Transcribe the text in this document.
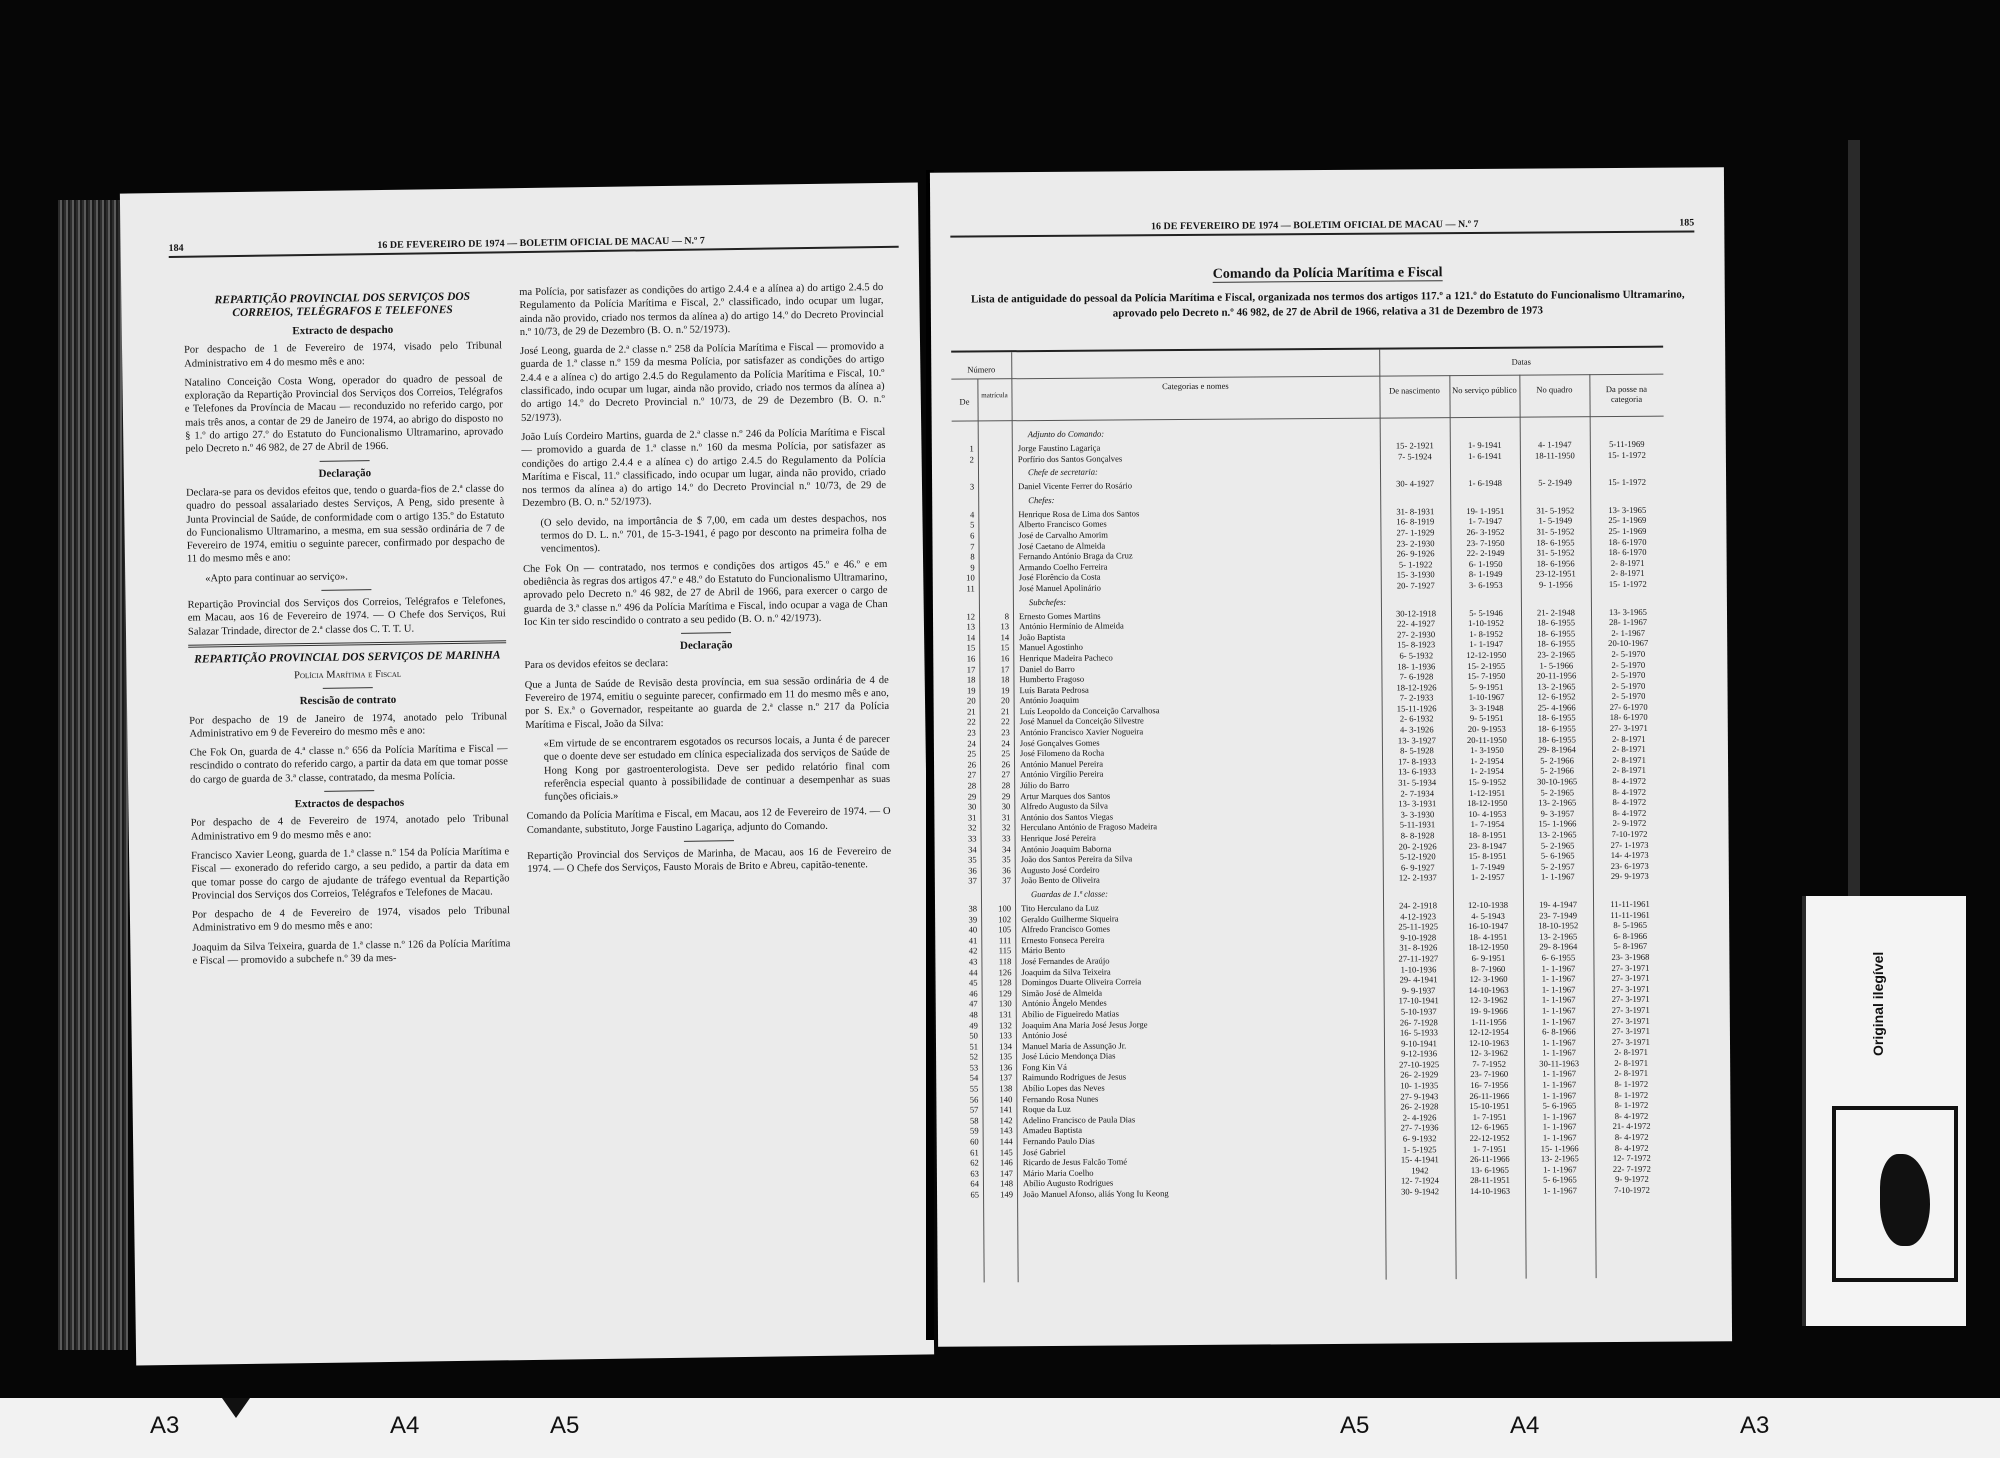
184	16 DE FEVEREIRO DE 1974 — BOLETIM OFICIAL DE MACAU — N.º 7
REPARTIÇÃO PROVINCIAL DOS SERVIÇOS DOS CORREIOS, TELÉGRAFOS E TELEFONES
Extracto de despacho

Por despacho de 1 de Fevereiro de 1974, visado pelo Tribunal Administrativo em 4 do mesmo mês e ano:

Natalino Conceição Costa Wong, operador do quadro de pessoal de exploração da Repartição Provincial dos Serviços dos Correios, Telégrafos e Telefones da Província de Macau — reconduzido no referido cargo, por mais três anos, a contar de 29 de Janeiro de 1974, ao abrigo do disposto no § 1.º do artigo 27.º do Estatuto do Funcionalismo Ultramarino, aprovado pelo Decreto n.º 46 982, de 27 de Abril de 1966.

Declaração

Declara-se para os devidos efeitos que, tendo o guarda-fios de 2.ª classe do quadro do pessoal assalariado destes Serviços, A Peng, sido presente à Junta Provincial de Saúde, de conformidade com o artigo 135.º do Estatuto do Funcionalismo Ultramarino, a mesma, em sua sessão ordinária de 7 de Fevereiro de 1974, emitiu o seguinte parecer, confirmado por despacho de 11 do mesmo mês e ano:

«Apto para continuar ao serviço».

Repartição Provincial dos Serviços dos Correios, Telégrafos e Telefones, em Macau, aos 16 de Fevereiro de 1974. — O Chefe dos Serviços, Rui Salazar Trindade, director de 2.ª classe dos C. T. T. U.

REPARTIÇÃO PROVINCIAL DOS SERVIÇOS DE MARINHA
Polícia Marítima e Fiscal
Rescisão de contrato

Por despacho de 19 de Janeiro de 1974, anotado pelo Tribunal Administrativo em 9 de Fevereiro do mesmo mês e ano:

Che Fok On, guarda de 4.ª classe n.º 656 da Polícia Marítima e Fiscal — rescindido o contrato do referido cargo, a partir da data em que tomar posse do cargo de guarda de 3.ª classe, contratado, da mesma Polícia.

Extractos de despachos

Por despacho de 4 de Fevereiro de 1974, anotado pelo Tribunal Administrativo em 9 do mesmo mês e ano:

Francisco Xavier Leong, guarda de 1.ª classe n.º 154 da Polícia Marítima e Fiscal — exonerado do referido cargo, a seu pedido, a partir da data em que tomar posse do cargo de ajudante de tráfego eventual da Repartição Provincial dos Serviços dos Correios, Telégrafos e Telefones de Macau.

Por despacho de 4 de Fevereiro de 1974, visados pelo Tribunal Administrativo em 9 do mesmo mês e ano:

Joaquim da Silva Teixeira, guarda de 1.ª classe n.º 126 da Polícia Marítima e Fiscal — promovido a subchefe n.º 39 da mes-

ma Polícia, por satisfazer as condições do artigo 2.4.4 e a alínea a) do artigo 2.4.5 do Regulamento da Polícia Marítima e Fiscal, 2.º classificado, indo ocupar um lugar, ainda não provido, criado nos termos da alínea a) do artigo 14.º do Decreto Provincial n.º 10/73, de 29 de Dezembro (B. O. n.º 52/1973).

José Leong, guarda de 2.ª classe n.º 258 da Polícia Marítima e Fiscal — promovido a guarda de 1.ª classe n.º 159 da mesma Polícia, por satisfazer as condições do artigo 2.4.4 e a alínea c) do artigo 2.4.5 do Regulamento da Polícia Marítima e Fiscal, 10.º classificado, indo ocupar um lugar, ainda não provido, criado nos termos da alínea a) do artigo 14.º do Decreto Provincial n.º 10/73, de 29 de Dezembro (B. O. n.º 52/1973).

João Luís Cordeiro Martins, guarda de 2.ª classe n.º 246 da Polícia Marítima e Fiscal — promovido a guarda de 1.ª classe n.º 160 da mesma Polícia, por satisfazer as condições do artigo 2.4.4 e a alínea c) do artigo 2.4.5 do Regulamento da Polícia Marítima e Fiscal, 11.º classificado, indo ocupar um lugar, ainda não provido, criado nos termos da alínea a) do artigo 14.º do Decreto Provincial n.º 10/73, de 29 de Dezembro (B. O. n.º 52/1973).

(O selo devido, na importância de $ 7,00, em cada um destes despachos, nos termos do D. L. n.º 701, de 15-3-1941, é pago por desconto na primeira folha de vencimentos).

Che Fok On — contratado, nos termos e condições dos artigos 45.º e 46.º e em obediência às regras dos artigos 47.º e 48.º do Estatuto do Funcionalismo Ultramarino, aprovado pelo Decreto n.º 46 982, de 27 de Abril de 1966, para exercer o cargo de guarda de 3.ª classe n.º 496 da Polícia Marítima e Fiscal, indo ocupar a vaga de Chan Ioc Kin ter sido rescindido o contrato a seu pedido (B. O. n.º 42/1973).

Declaração

Para os devidos efeitos se declara:

Que a Junta de Saúde de Revisão desta província, em sua sessão ordinária de 4 de Fevereiro de 1974, emitiu o seguinte parecer, confirmado em 11 do mesmo mês e ano, por S. Ex.ª o Governador, respeitante ao guarda de 2.ª classe n.º 217 da Polícia Marítima e Fiscal, João da Silva:

«Em virtude de se encontrarem esgotados os recursos locais, a Junta é de parecer que o doente deve ser estudado em clínica especializada dos serviços de Saúde de Hong Kong por gastroenterologista. Deve ser pedido relatório final com referência especial quanto à possibilidade de continuar a desempenhar as suas funções oficiais.»

Comando da Polícia Marítima e Fiscal, em Macau, aos 12 de Fevereiro de 1974. — O Comandante, substituto, Jorge Faustino Lagariça, adjunto do Comando.

Repartição Provincial dos Serviços de Marinha, de Macau, aos 16 de Fevereiro de 1974. — O Chefe dos Serviços, Fausto Morais de Brito e Abreu, capitão-tenente.

16 DE FEVEREIRO DE 1974 — BOLETIM OFICIAL DE MACAU — N.º 7	185
Comando da Polícia Marítima e Fiscal
Lista de antiguidade do pessoal da Polícia Marítima e Fiscal, organizada nos termos dos artigos 117.º a 121.º do Estatuto do Funcionalismo Ultramarino, aprovado pelo Decreto n.º 46 982, de 27 de Abril de 1966, relativa a 31 de Dezembro de 1973
Número
De
matrícula
Categorias e nomes
Datas
De nascimento	No serviço público	No quadro	Da posse na categoria
Adjunto do Comando:
1	Jorge Faustino Lagariça	15- 2-1921	1- 9-1941	4- 1-1947	5-11-1969
2	Porfírio dos Santos Gonçalves	7- 5-1924	1- 6-1941	18-11-1950	15- 1-1972
Chefe de secretaria:
3	Daniel Vicente Ferrer do Rosário	30- 4-1927	1- 6-1948	5- 2-1949	15- 1-1972
Chefes:
4	Henrique Rosa de Lima dos Santos	31- 8-1931	19- 1-1951	31- 5-1952	13- 3-1965
5	Alberto Francisco Gomes	16- 8-1919	1- 7-1947	1- 5-1949	25- 1-1969
6	José de Carvalho Amorim	27- 1-1929	26- 3-1952	31- 5-1952	25- 1-1969
7	José Caetano de Almeida	23- 2-1930	23- 7-1950	18- 6-1955	18- 6-1970
8	Fernando António Braga da Cruz	26- 9-1926	22- 2-1949	31- 5-1952	18- 6-1970
9	Armando Coelho Ferreira	5- 1-1922	6- 1-1950	18- 6-1956	2- 8-1971
10	José Florêncio da Costa	15- 3-1930	8- 1-1949	23-12-1951	2- 8-1971
11	José Manuel Apolinário	20- 7-1927	3- 6-1953	9- 1-1956	15- 1-1972
Subchefes:
12	8	Ernesto Gomes Martins	30-12-1918	5- 5-1946	21- 2-1948	13- 3-1965
13	13	António Hermínio de Almeida	22- 4-1927	1-10-1952	18- 6-1955	28- 1-1967
14	14	João Baptista	27- 2-1930	1- 8-1952	18- 6-1955	2- 1-1967
15	15	Manuel Agostinho	15- 8-1923	1- 1-1947	18- 6-1955	20-10-1967
16	16	Henrique Madeira Pacheco	6- 5-1932	12-12-1950	23- 2-1965	2- 5-1970
17	17	Daniel do Barro	18- 1-1936	15- 2-1955	1- 5-1966	2- 5-1970
18	18	Humberto Fragoso	7- 6-1928	15- 7-1950	20-11-1956	2- 5-1970
19	19	Luís Barata Pedrosa	18-12-1926	5- 9-1951	13- 2-1965	2- 5-1970
20	20	António Joaquim	7- 2-1933	1-10-1967	12- 6-1952	2- 5-1970
21	21	Luís Leopoldo da Conceição Carvalhosa	15-11-1926	3- 3-1948	25- 4-1966	27- 6-1970
22	22	José Manuel da Conceição Silvestre	2- 6-1932	9- 5-1951	18- 6-1955	18- 6-1970
23	23	António Francisco Xavier Nogueira	4- 3-1926	20- 9-1953	18- 6-1955	27- 3-1971
24	24	José Gonçalves Gomes	13- 3-1927	20-11-1950	18- 6-1955	2- 8-1971
25	25	José Filomeno da Rocha	8- 5-1928	1- 3-1950	29- 8-1964	2- 8-1971
26	26	António Manuel Pereira	17- 8-1933	1- 2-1954	5- 2-1966	2- 8-1971
27	27	António Virgílio Pereira	13- 6-1933	1- 2-1954	5- 2-1966	2- 8-1971
28	28	Júlio do Barro	31- 5-1934	15- 9-1952	30-10-1965	8- 4-1972
29	29	Artur Marques dos Santos	2- 7-1934	1-12-1951	5- 2-1965	8- 4-1972
30	30	Alfredo Augusto da Silva	13- 3-1931	18-12-1950	13- 2-1965	8- 4-1972
31	31	António dos Santos Viegas	3- 3-1930	10- 4-1953	9- 3-1957	8- 4-1972
32	32	Herculano António de Fragoso Madeira	5-11-1931	1- 7-1954	15- 1-1966	2- 9-1972
33	33	Henrique José Pereira	8- 8-1928	18- 8-1951	13- 2-1965	7-10-1972
34	34	António Joaquim Baborna	20- 2-1926	23- 8-1947	5- 2-1965	27- 1-1973
35	35	João dos Santos Pereira da Silva	5-12-1920	15- 8-1951	5- 6-1965	14- 4-1973
36	36	Augusto José Cordeiro	6- 9-1927	1- 7-1949	5- 2-1957	23- 6-1973
37	37	João Bento de Oliveira	12- 2-1937	1- 2-1957	1- 1-1967	29- 9-1973
Guardas de 1.ª classe:
38	100	Tito Herculano da Luz	24- 2-1918	12-10-1938	19- 4-1947	11-11-1961
39	102	Geraldo Guilherme Siqueira	4-12-1923	4- 5-1943	23- 7-1949	11-11-1961
40	105	Alfredo Francisco Gomes	25-11-1925	16-10-1947	18-10-1952	8- 5-1965
41	111	Ernesto Fonseca Pereira	9-10-1928	18- 4-1951	13- 2-1965	6- 8-1966
42	115	Mário Bento	31- 8-1926	18-12-1950	29- 8-1964	5- 8-1967
43	118	José Fernandes de Araújo	27-11-1927	6- 9-1951	6- 6-1955	23- 3-1968
44	126	Joaquim da Silva Teixeira	1-10-1936	8- 7-1960	1- 1-1967	27- 3-1971
45	128	Domingos Duarte Oliveira Correia	29- 4-1941	12- 3-1960	1- 1-1967	27- 3-1971
46	129	Simão José de Almeida	9- 9-1937	14-10-1963	1- 1-1967	27- 3-1971
47	130	António Ângelo Mendes	17-10-1941	12- 3-1962	1- 1-1967	27- 3-1971
48	131	Abílio de Figueiredo Matias	5-10-1937	19- 9-1966	1- 1-1967	27- 3-1971
49	132	Joaquim Ana Maria José Jesus Jorge	26- 7-1928	1-11-1956	1- 1-1967	27- 3-1971
50	133	António José	16- 5-1933	12-12-1954	6- 8-1966	27- 3-1971
51	134	Manuel Maria de Assunção Jr.	9-10-1941	12-10-1963	1- 1-1967	27- 3-1971
52	135	José Lúcio Mendonça Dias	9-12-1936	12- 3-1962	1- 1-1967	2- 8-1971
53	136	Fong Kin Vá	27-10-1925	7- 7-1952	30-11-1963	2- 8-1971
54	137	Raimundo Rodrigues de Jesus	26- 2-1929	23- 7-1960	1- 1-1967	2- 8-1971
55	138	Abílio Lopes das Neves	10- 1-1935	16- 7-1956	1- 1-1967	8- 1-1972
56	140	Fernando Rosa Nunes	27- 9-1943	26-11-1966	1- 1-1967	8- 1-1972
57	141	Roque da Luz	26- 2-1928	15-10-1951	5- 6-1965	8- 1-1972
58	142	Adelino Francisco de Paula Dias	2- 4-1926	1- 7-1951	1- 1-1967	8- 4-1972
59	143	Amadeu Baptista	27- 7-1936	12- 6-1965	1- 1-1967	21- 4-1972
60	144	Fernando Paulo Dias	6- 9-1932	22-12-1952	1- 1-1967	8- 4-1972
61	145	José Gabriel	1- 5-1925	1- 7-1951	15- 1-1966	8- 4-1972
62	146	Ricardo de Jesus Falcão Tomé	15- 4-1941	26-11-1966	13- 2-1965	12- 7-1972
63	147	Mário Maria Coelho	1942	13- 6-1965	1- 1-1967	22- 7-1972
64	148	Abílio Augusto Rodrigues	12- 7-1924	28-11-1951	5- 6-1965	9- 9-1972
65	149	João Manuel Afonso, aliás Yong Iu Keong	30- 9-1942	14-10-1963	1- 1-1967	7-10-1972
Original ilegível
A3	A4	A5	A5	A4	A3
